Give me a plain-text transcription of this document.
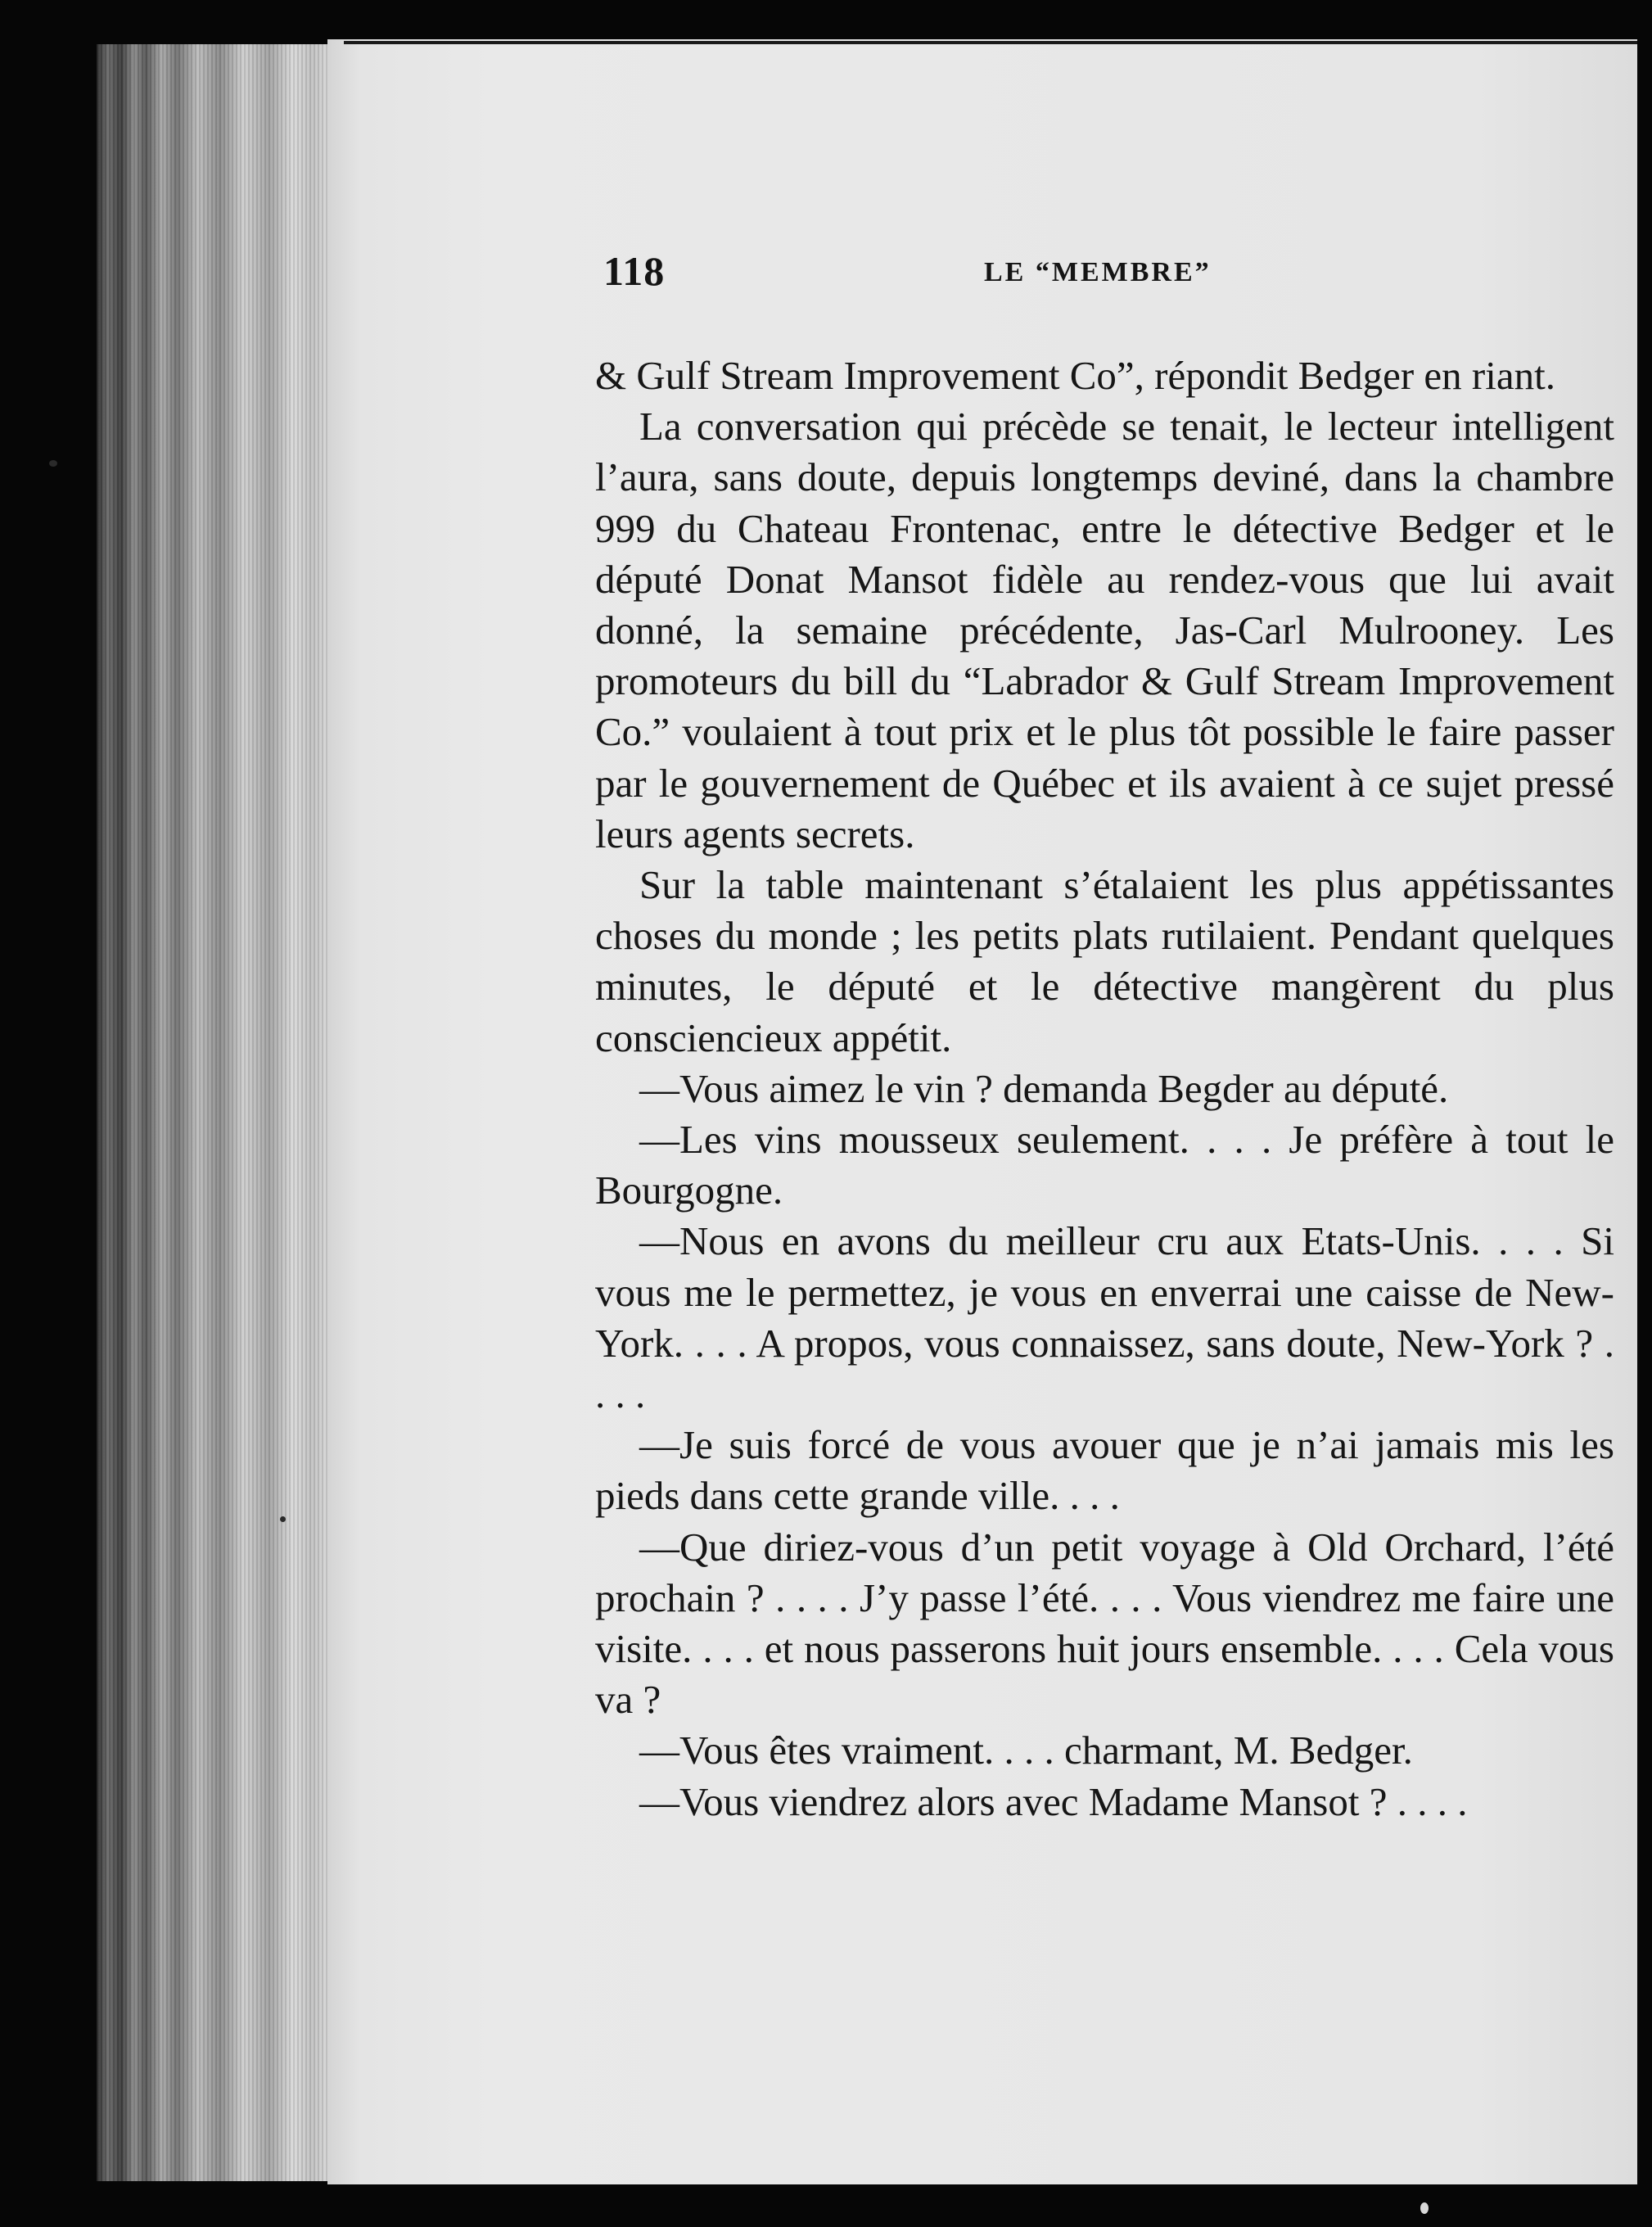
118	LE “MEMBRE”

& Gulf Stream Improvement Co”, répondit Bedger en riant.

La conversation qui précède se tenait, le lecteur intelligent l’aura, sans doute, depuis longtemps deviné, dans la chambre 999 du Chateau Frontenac, entre le détective Bedger et le député Donat Mansot fidèle au rendez-vous que lui avait donné, la semaine précédente, Jas-Carl Mulrooney. Les promoteurs du bill du “Labrador & Gulf Stream Improvement Co.” voulaient à tout prix et le plus tôt possible le faire passer par le gouvernement de Québec et ils avaient à ce sujet pressé leurs agents secrets.

Sur la table maintenant s’étalaient les plus appétissantes choses du monde ; les petits plats rutilaient. Pendant quelques minutes, le député et le détective mangèrent du plus consciencieux appétit.

—Vous aimez le vin ? demanda Begder au député.

—Les vins mousseux seulement. . . . Je préfère à tout le Bourgogne.

—Nous en avons du meilleur cru aux Etats-Unis. . . . Si vous me le permettez, je vous en enverrai une caisse de New-York. . . . A propos, vous connaissez, sans doute, New-York ? . . . .

—Je suis forcé de vous avouer que je n’ai jamais mis les pieds dans cette grande ville. . . .

—Que diriez-vous d’un petit voyage à Old Orchard, l’été prochain ? . . . . J’y passe l’été. . . . Vous viendrez me faire une visite. . . . et nous passerons huit jours ensemble. . . . Cela vous va ?

—Vous êtes vraiment. . . . charmant, M. Bedger.

—Vous viendrez alors avec Madame Mansot ? . . . .
